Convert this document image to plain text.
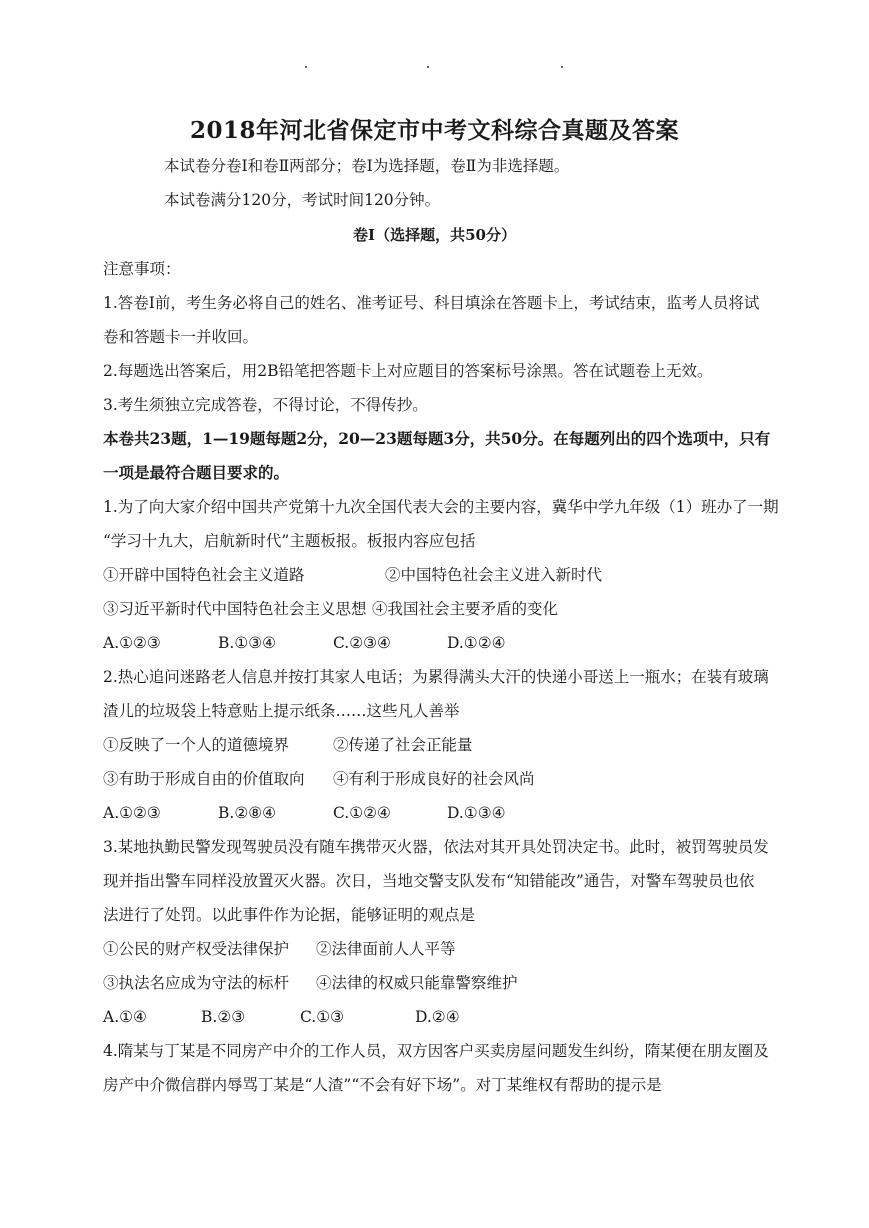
2018年河北省保定市中考文科综合真题及答案
本试卷分卷Ⅰ和卷Ⅱ两部分；卷Ⅰ为选择题，卷Ⅱ为非选择题。
本试卷满分120分，考试时间120分钟。
卷Ⅰ（选择题，共50分）
注意事项：
1.答卷Ⅰ前，考生务必将自己的姓名、准考证号、科目填涂在答题卡上，考试结束，监考人员将试
卷和答题卡一并收回。
2.每题选出答案后，用2B铅笔把答题卡上对应题目的答案标号涂黑。答在试题卷上无效。
3.考生须独立完成答卷，不得讨论，不得传抄。
本卷共23题，1—19题每题2分，20—23题每题3分，共50分。在每题列出的四个选项中，只有
一项是最符合题目要求的。
1.为了向大家介绍中国共产党第十九次全国代表大会的主要内容，冀华中学九年级（1）班办了一期
“学习十九大，启航新时代”主题板报。板报内容应包括
①开辟中国特色社会主义道路	②中国特色社会主义进入新时代
③习近平新时代中国特色社会主义思想 ④我国社会主要矛盾的变化
A.①②③	B.①③④	C.②③④	D.①②④
2.热心追问迷路老人信息并按打其家人电话；为累得满头大汗的快递小哥送上一瓶水；在装有玻璃
渣儿的垃圾袋上特意贴上提示纸条……这些凡人善举
①反映了一个人的道德境界	②传递了社会正能量
③有助于形成自由的价值取向 ④有利于形成良好的社会风尚
A.①②③	B.②⑧④	C.①②④	D.①③④
3.某地执勤民警发现驾驶员没有随车携带灭火器，依法对其开具处罚决定书。此时，被罚驾驶员发
现并指出警车同样没放置灭火器。次日，当地交警支队发布“知错能改”通告，对警车驾驶员也依
法进行了处罚。以此事件作为论据，能够证明的观点是
①公民的财产权受法律保护 ②法律面前人人平等
③执法名应成为守法的标杆 ④法律的权威只能靠警察维护
A.①④	B.②③	C.①③	D.②④
4.隋某与丁某是不同房产中介的工作人员，双方因客户买卖房屋问题发生纠纷，隋某便在朋友圈及
房产中介微信群内辱骂丁某是“人渣”“不会有好下场”。对丁某维权有帮助的提示是
